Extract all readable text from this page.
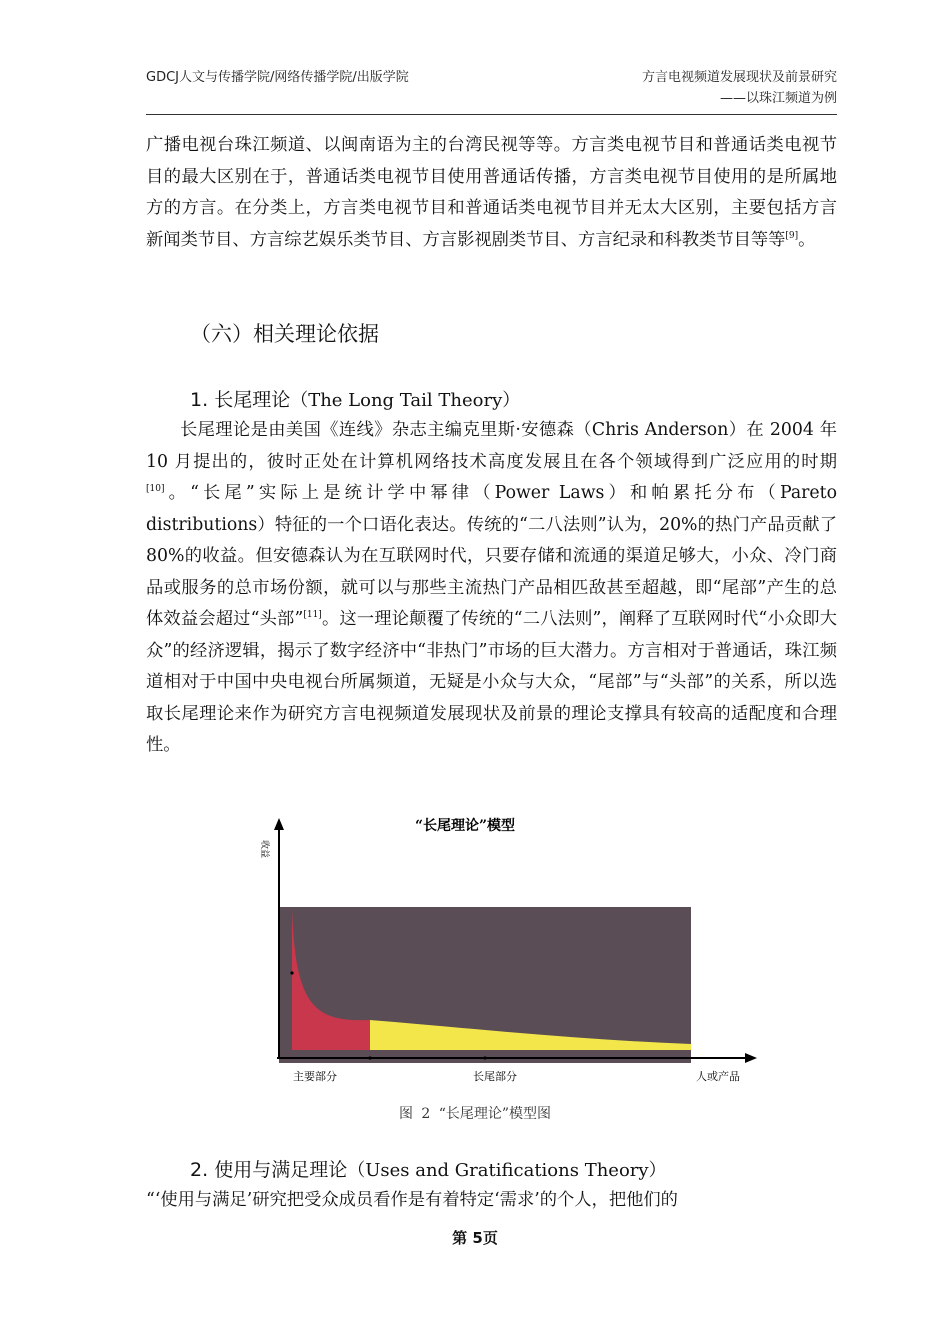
GDCJ人文与传播学院/网络传播学院/出版学院	方言电视频道发展现状及前景研究
——以珠江频道为例

广播电视台珠江频道、以闽南语为主的台湾民视等等。方言类电视节目和普通话类电视节目的最大区别在于，普通话类电视节目使用普通话传播，方言类电视节目使用的是所属地方的方言。在分类上，方言类电视节目和普通话类电视节目并无太大区别，主要包括方言新闻类节目、方言综艺娱乐类节目、方言影视剧类节目、方言纪录和科教类节目等等[9]。

（六）相关理论依据
1. 长尾理论（The Long Tail Theory）

长尾理论是由美国《连线》杂志主编克里斯·安德森（Chris Anderson）在 2004 年 10 月提出的，彼时正处在计算机网络技术高度发展且在各个领域得到广泛应用的时期[10]。“长尾”实际上是统计学中幂律（Power Laws）和帕累托分布（Pareto distributions）特征的一个口语化表达。传统的“二八法则”认为，20%的热门产品贡献了 80%的收益。但安德森认为在互联网时代，只要存储和流通的渠道足够大，小众、冷门商品或服务的总市场份额，就可以与那些主流热门产品相匹敌甚至超越，即“尾部”产生的总体效益会超过“头部”[11]。这一理论颠覆了传统的“二八法则”，阐释了互联网时代“小众即大众”的经济逻辑，揭示了数字经济中“非热门”市场的巨大潜力。方言相对于普通话，珠江频道相对于中国中央电视台所属频道，无疑是小众与大众，“尾部”与“头部”的关系，所以选取长尾理论来作为研究方言电视频道发展现状及前景的理论支撑具有较高的适配度和合理性。

“长尾理论”模型
收益
主要部分	长尾部分	人或产品
图 2 “长尾理论”模型图
2. 使用与满足理论（Uses and Gratifications Theory）

“‘使用与满足’研究把受众成员看作是有着特定‘需求’的个人，把他们的

第 5页
